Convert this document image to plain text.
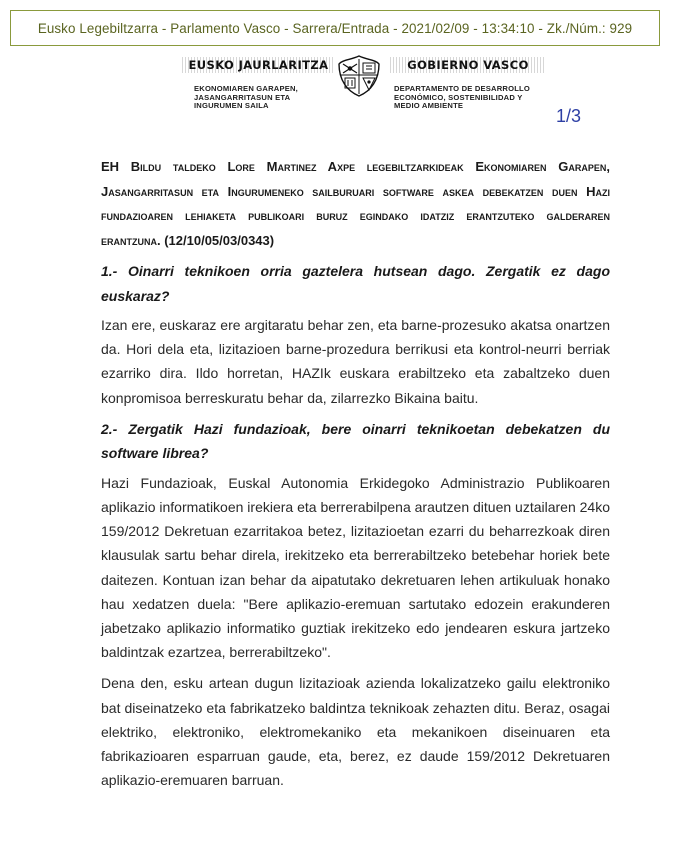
Eusko Legebiltzarra - Parlamento Vasco - Sarrera/Entrada - 2021/02/09 - 13:34:10 - Zk./Núm.: 929
EUSKO JAURLARITZA	GOBIERNO VASCO
EKONOMIAREN GARAPEN,
JASANGARRITASUN ETA
INGURUMEN SAILA
DEPARTAMENTO DE DESARROLLO
ECONÓMICO, SOSTENIBILIDAD Y
MEDIO AMBIENTE
1/3

EH Bildu taldeko Lore Martinez Axpe legebiltzarkideak Ekonomiaren Garapen, Jasangarritasun eta Ingurumeneko sailburuari software askea debekatzen duen Hazi fundazioaren lehiaketa publikoari buruz egindako idatziz erantzuteko galderaren erantzuna. (12/10/05/03/0343)

1.- Oinarri teknikoen orria gaztelera hutsean dago. Zergatik ez dago euskaraz?

Izan ere, euskaraz ere argitaratu behar zen, eta barne-prozesuko akatsa onartzen da. Hori dela eta, lizitazioen barne-prozedura berrikusi eta kontrol-neurri berriak ezarriko dira. Ildo horretan, HAZIk euskara erabiltzeko eta zabaltzeko duen konpromisoa berreskuratu behar da, zilarrezko Bikaina baitu.

2.- Zergatik Hazi fundazioak, bere oinarri teknikoetan debekatzen du software librea?

Hazi Fundazioak, Euskal Autonomia Erkidegoko Administrazio Publikoaren aplikazio informatikoen irekiera eta berrerabilpena arautzen dituen uztailaren 24ko 159/2012 Dekretuan ezarritakoa betez, lizitazioetan ezarri du beharrezkoak diren klausulak sartu behar direla, irekitzeko eta berrerabiltzeko betebehar horiek bete daitezen. Kontuan izan behar da aipatutako dekretuaren lehen artikuluak honako hau xedatzen duela: "Bere aplikazio-eremuan sartutako edozein erakunderen jabetzako aplikazio informatiko guztiak irekitzeko edo jendearen eskura jartzeko baldintzak ezartzea, berrerabiltzeko".

Dena den, esku artean dugun lizitazioak azienda lokalizatzeko gailu elektroniko bat diseinatzeko eta fabrikatzeko baldintza teknikoak zehazten ditu. Beraz, osagai elektriko, elektroniko, elektromekaniko eta mekanikoen diseinuaren eta fabrikazioaren esparruan gaude, eta, berez, ez daude 159/2012 Dekretuaren aplikazio-eremuaren barruan.
